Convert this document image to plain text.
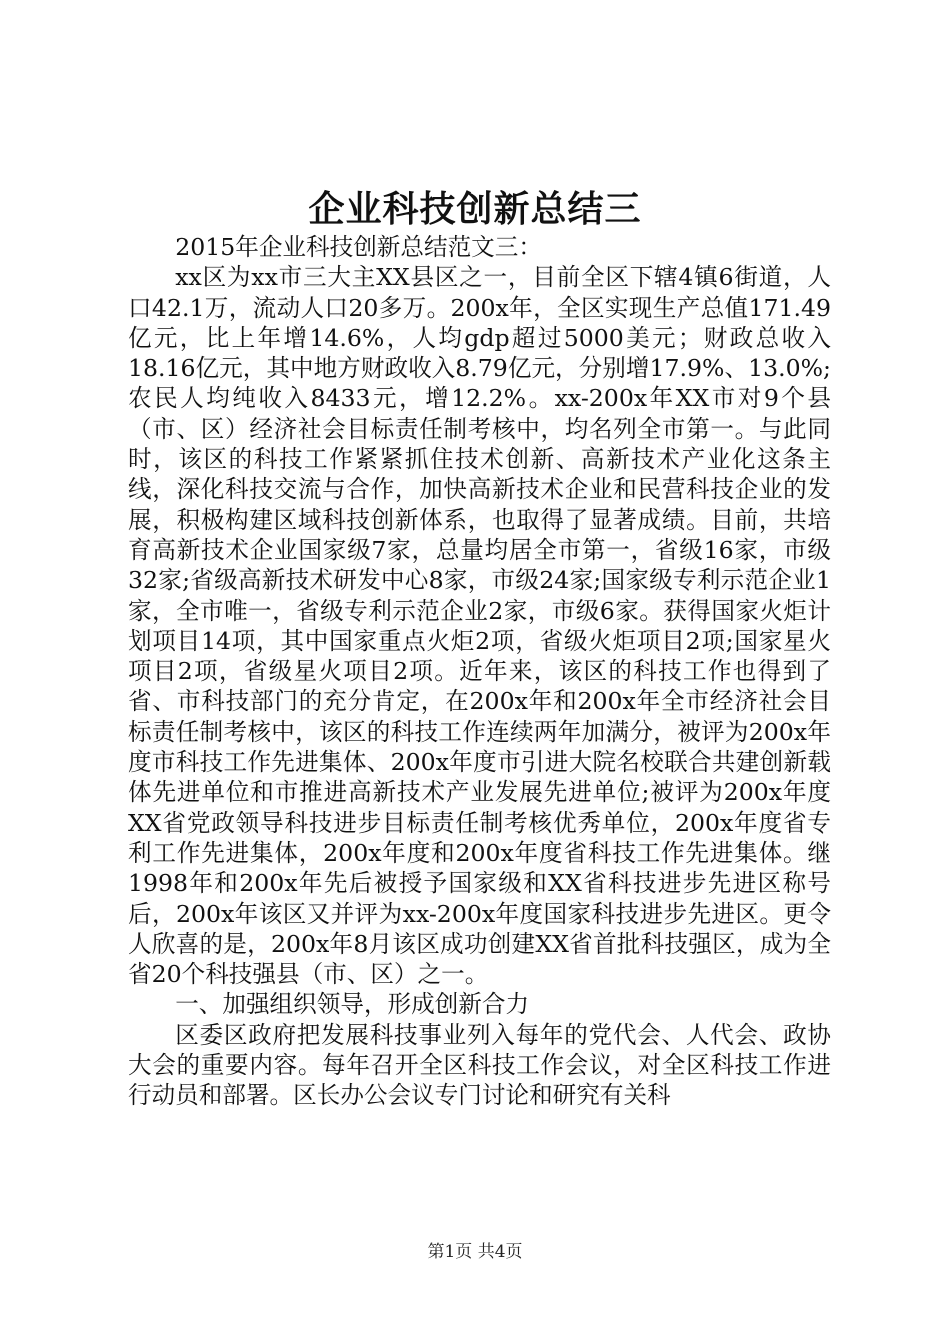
企业科技创新总结三

2015年企业科技创新总结范文三：

xx区为xx市三大主XX县区之一，目前全区下辖4镇6街道，人口42.1万，流动人口20多万。200x年，全区实现生产总值171.49亿元，比上年增14.6%，人均gdp超过5000美元；财政总收入18.16亿元，其中地方财政收入8.79亿元，分别增17.9%、13.0%;农民人均纯收入8433元，增12.2%。xx-200x年XX市对9个县（市、区）经济社会目标责任制考核中，均名列全市第一。与此同时，该区的科技工作紧紧抓住技术创新、高新技术产业化这条主线，深化科技交流与合作，加快高新技术企业和民营科技企业的发展，积极构建区域科技创新体系，也取得了显著成绩。目前，共培育高新技术企业国家级7家，总量均居全市第一，省级16家，市级32家;省级高新技术研发中心8家，市级24家;国家级专利示范企业1家，全市唯一，省级专利示范企业2家，市级6家。获得国家火炬计划项目14项，其中国家重点火炬2项，省级火炬项目2项;国家星火项目2项，省级星火项目2项。近年来，该区的科技工作也得到了省、市科技部门的充分肯定，在200x年和200x年全市经济社会目标责任制考核中，该区的科技工作连续两年加满分，被评为200x年度市科技工作先进集体、200x年度市引进大院名校联合共建创新载体先进单位和市推进高新技术产业发展先进单位;被评为200x年度XX省党政领导科技进步目标责任制考核优秀单位，200x年度省专利工作先进集体，200x年度和200x年度省科技工作先进集体。继1998年和200x年先后被授予国家级和XX省科技进步先进区称号后，200x年该区又并评为xx-200x年度国家科技进步先进区。更令人欣喜的是，200x年8月该区成功创建XX省首批科技强区，成为全省20个科技强县（市、区）之一。

一、加强组织领导，形成创新合力

区委区政府把发展科技事业列入每年的党代会、人代会、政协大会的重要内容。每年召开全区科技工作会议，对全区科技工作进行动员和部署。区长办公会议专门讨论和研究有关科

第1页 共4页
